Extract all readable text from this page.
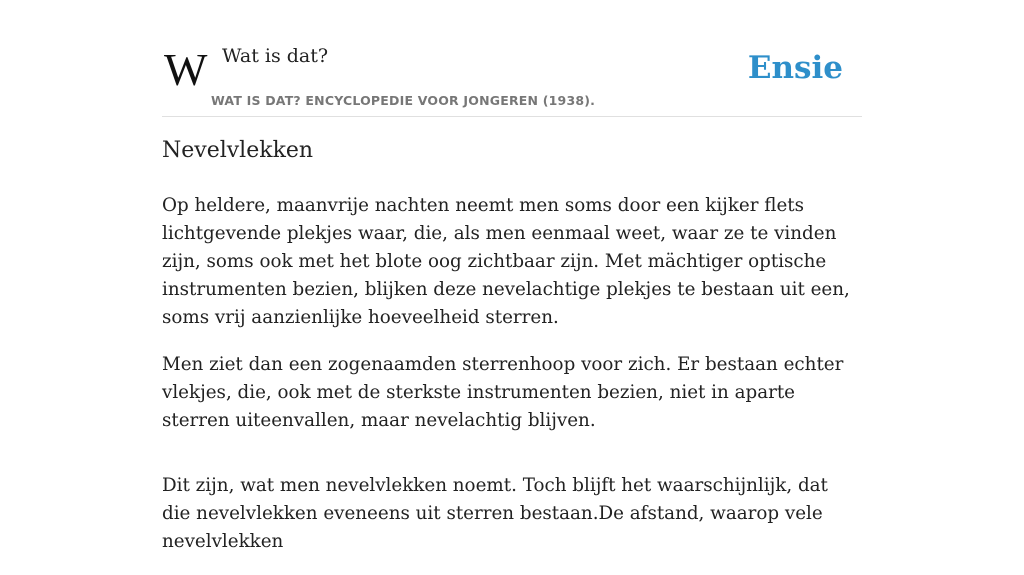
W	Wat is dat?
WAT IS DAT? ENCYCLOPEDIE VOOR JONGEREN (1938).
Ensie
Nevelvlekken

Op heldere, maanvrije nachten neemt men soms door een kijker flets lichtgevende plekjes waar, die, als men eenmaal weet, waar ze te vinden zijn, soms ook met het blote oog zichtbaar zijn. Met mächtiger optische instrumenten bezien, blijken deze nevelachtige plekjes te bestaan uit een, soms vrij aanzienlijke hoeveelheid sterren.

Men ziet dan een zogenaamden sterrenhoop voor zich. Er bestaan echter vlekjes, die, ook met de sterkste instrumenten bezien, niet in aparte sterren uiteenvallen, maar nevelachtig blijven.

Dit zijn, wat men nevelvlekken noemt. Toch blijft het waarschijnlijk, dat die nevelvlekken eveneens uit sterren bestaan.De afstand, waarop vele nevelvlekken
